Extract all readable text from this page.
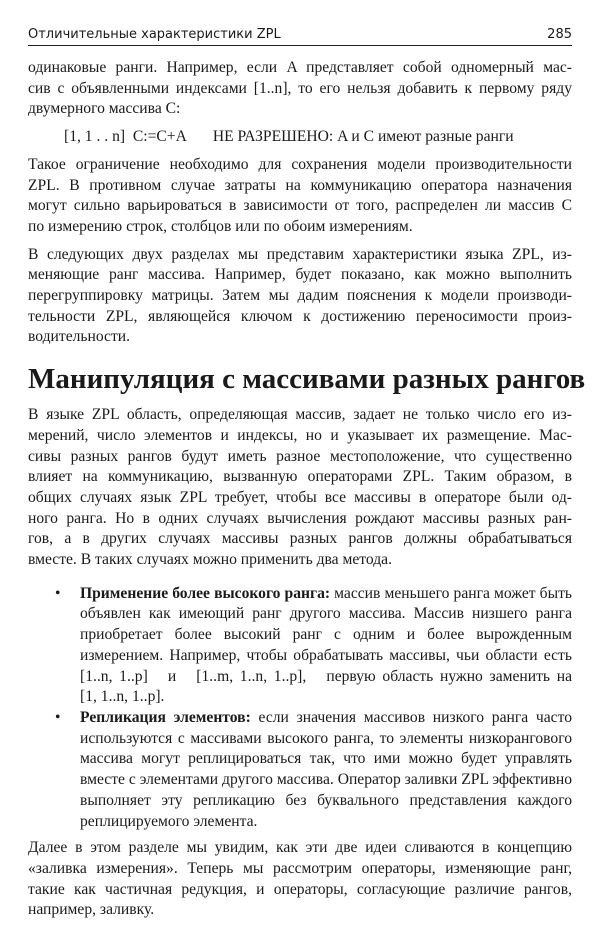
Отличительные характеристики ZPL	285
одинаковые ранги. Например, если A представляет собой одномерный мас-
сив с объявленными индексами [1..n], то его нельзя добавить к первому ряду
двумерного массива C:
[1, 1 . . n]  C:=C+A НЕ РАЗРЕШЕНО: A и C имеют разные ранги
Такое ограничение необходимо для сохранения модели производительности
ZPL. В противном случае затраты на коммуникацию оператора назначения
могут сильно варьироваться в зависимости от того, распределен ли массив C
по измерению строк, столбцов или по обоим измерениям.
В следующих двух разделах мы представим характеристики языка ZPL, из-
меняющие ранг массива. Например, будет показано, как можно выполнить
перегруппировку матрицы. Затем мы дадим пояснения к модели производи-
тельности ZPL, являющейся ключом к достижению переносимости произ-
водительности.
Манипуляция с массивами разных рангов
В языке ZPL область, определяющая массив, задает не только число его из-
мерений, число элементов и индексы, но и указывает их размещение. Мас-
сивы разных рангов будут иметь разное местоположение, что существенно
влияет на коммуникацию, вызванную операторами ZPL. Таким образом, в
общих случаях язык ZPL требует, чтобы все массивы в операторе были од-
ного ранга. Но в одних случаях вычисления рождают массивы разных ран-
гов, а в других случаях массивы разных рангов должны обрабатываться
вместе. В таких случаях можно применить два метода.
• Применение более высокого ранга: массив меньшего ранга может быть
объявлен как имеющий ранг другого массива. Массив низшего ранга
приобретает более высокий ранг с одним и более вырожденным
измерением. Например, чтобы обрабатывать массивы, чьи области есть
[1..n, 1..p]   и   [1..m, 1..n, 1..p],   первую область нужно заменить на
[1, 1..n, 1..p].
• Репликация элементов: если значения массивов низкого ранга часто
используются с массивами высокого ранга, то элементы низкорангового
массива могут реплицироваться так, что ими можно будет управлять
вместе с элементами другого массива. Оператор заливки ZPL эффективно
выполняет эту репликацию без буквального представления каждого
реплицируемого элемента.
Далее в этом разделе мы увидим, как эти две идеи сливаются в концепцию
«заливка измерения». Теперь мы рассмотрим операторы, изменяющие ранг,
такие как частичная редукция, и операторы, согласующие различие рангов,
например, заливку.
